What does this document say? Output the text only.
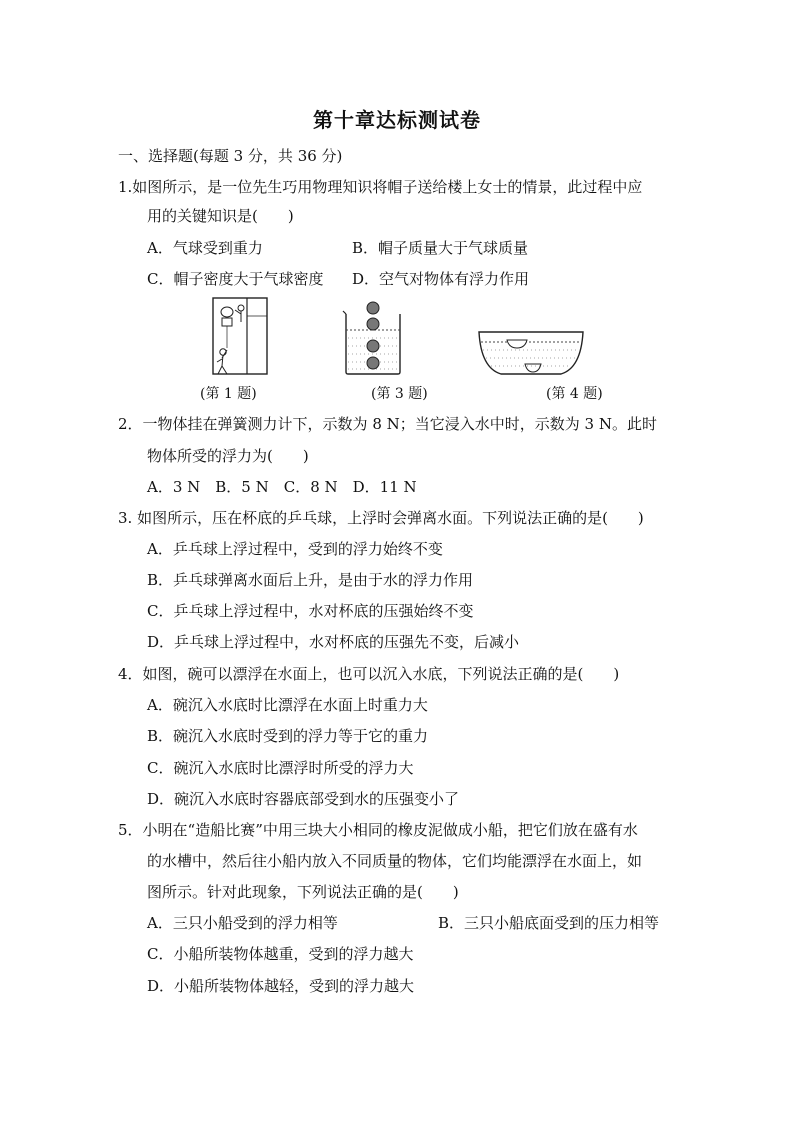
第十章达标测试卷
一、选择题(每题 3 分，共 36 分)
1.如图所示，是一位先生巧用物理知识将帽子送给楼上女士的情景，此过程中应
用的关键知识是(　　)
A．气球受到重力	B．帽子质量大于气球质量
C．帽子密度大于气球密度 D．空气对物体有浮力作用
(第 1 题)	(第 3 题)	(第 4 题)
2．一物体挂在弹簧测力计下，示数为 8 N；当它浸入水中时，示数为 3 N。此时
物体所受的浮力为(　　)
A．3 N　B．5 N　C．8 N　D．11 N
3. 如图所示，压在杯底的乒乓球，上浮时会弹离水面。下列说法正确的是(　　)
A．乒乓球上浮过程中，受到的浮力始终不变
B．乒乓球弹离水面后上升，是由于水的浮力作用
C．乒乓球上浮过程中，水对杯底的压强始终不变
D．乒乓球上浮过程中，水对杯底的压强先不变，后减小
4．如图，碗可以漂浮在水面上，也可以沉入水底，下列说法正确的是(　　)
A．碗沉入水底时比漂浮在水面上时重力大
B．碗沉入水底时受到的浮力等于它的重力
C．碗沉入水底时比漂浮时所受的浮力大
D．碗沉入水底时容器底部受到水的压强变小了
5．小明在“造船比赛”中用三块大小相同的橡皮泥做成小船，把它们放在盛有水
的水槽中，然后往小船内放入不同质量的物体，它们均能漂浮在水面上，如
图所示。针对此现象，下列说法正确的是(　　)
A．三只小船受到的浮力相等	B．三只小船底面受到的压力相等
C．小船所装物体越重，受到的浮力越大
D．小船所装物体越轻，受到的浮力越大
